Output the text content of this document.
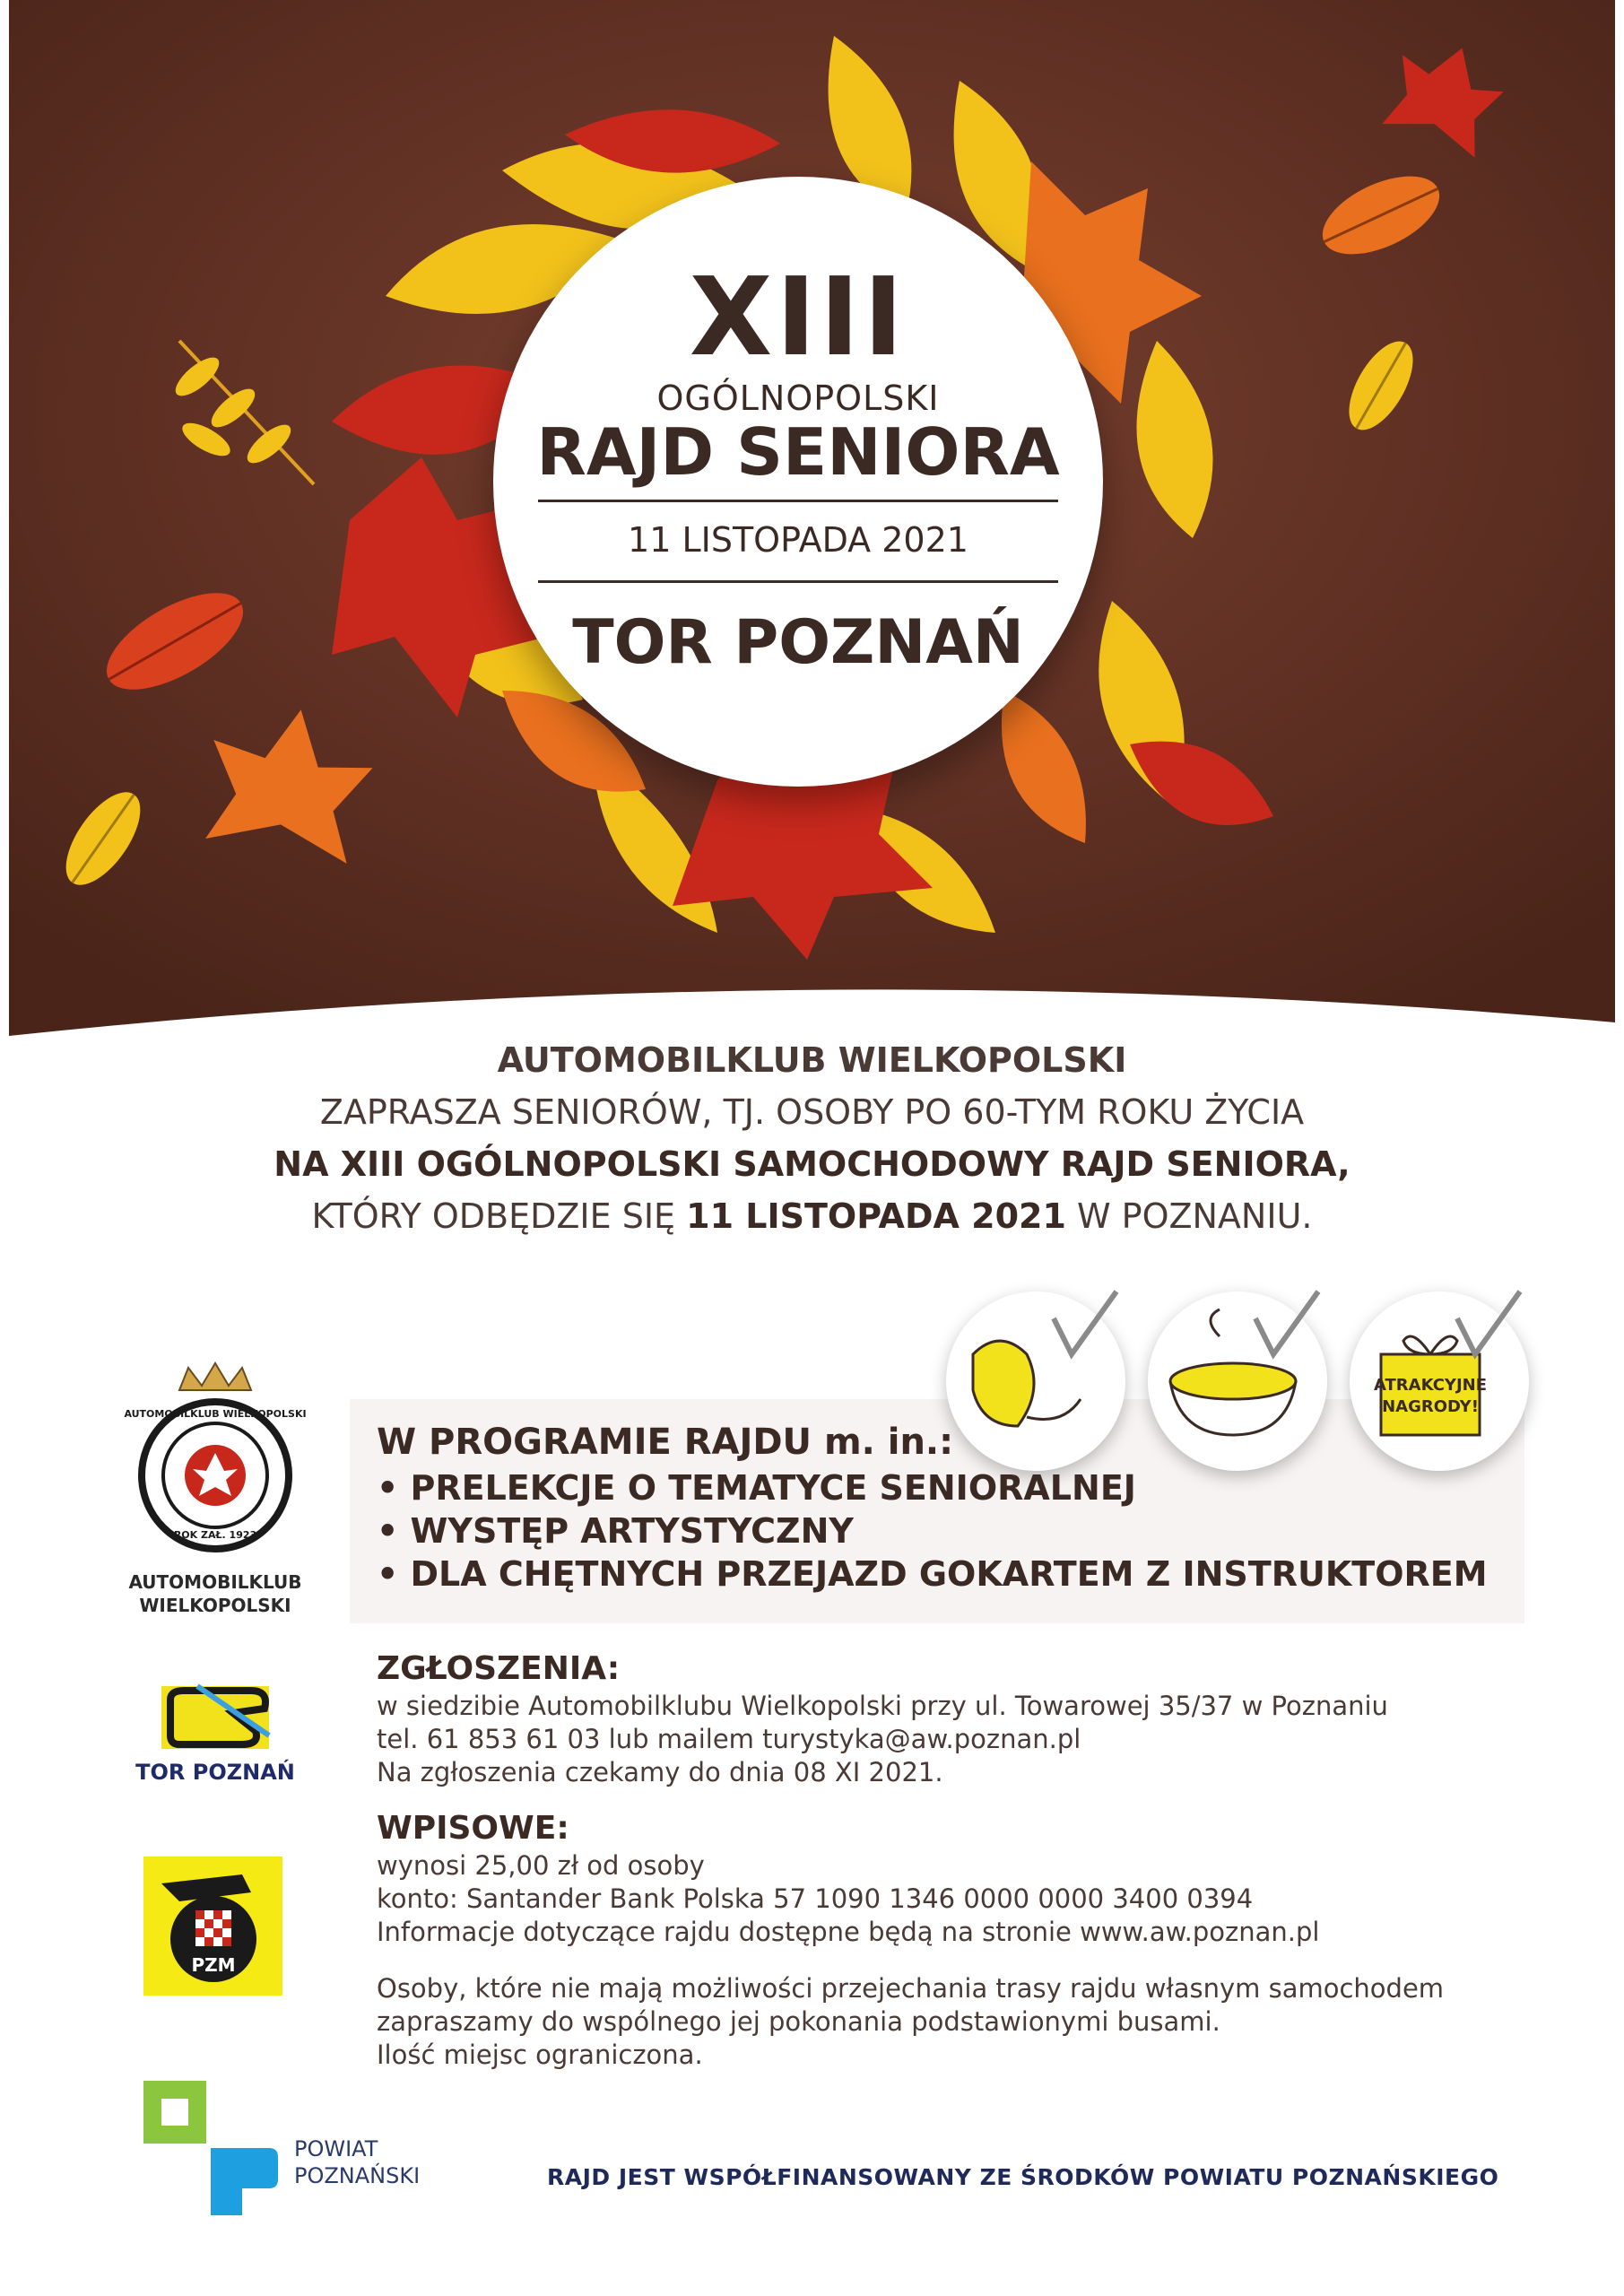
XIII
OGÓLNOPOLSKI
RAJD SENIORA
11 LISTOPADA 2021
TOR POZNAŃ
AUTOMOBILKLUB WIELKOPOLSKI
ZAPRASZA SENIORÓW, TJ. OSOBY PO 60-TYM ROKU ŻYCIA
NA XIII OGÓLNOPOLSKI SAMOCHODOWY RAJD SENIORA,
KTÓRY ODBĘDZIE SIĘ 11 LISTOPADA 2021 W POZNANIU.
ATRAKCYJNE
NAGRODY!
W PROGRAMIE RAJDU m. in.:
• PRELEKCJE O TEMATYCE SENIORALNEJ
• WYSTĘP ARTYSTYCZNY
• DLA CHĘTNYCH PRZEJAZD GOKARTEM Z INSTRUKTOREM
ROK ZAŁ. 1923
AUTOMOBILKLUB WIELKOPOLSKI
AUTOMOBILKLUB
WIELKOPOLSKI
ZGŁOSZENIA:
w siedzibie Automobilklubu Wielkopolski przy ul. Towarowej 35/37 w Poznaniu
tel. 61 853 61 03 lub mailem turystyka@aw.poznan.pl
Na zgłoszenia czekamy do dnia 08 XI 2021.
TOR POZNAŃ
WPISOWE:
wynosi 25,00 zł od osoby
konto: Santander Bank Polska 57 1090 1346 0000 0000 3400 0394
Informacje dotyczące rajdu dostępne będą na stronie www.aw.poznan.pl
PZM
Osoby, które nie mają możliwości przejechania trasy rajdu własnym samochodem
zapraszamy do wspólnego jej pokonania podstawionymi busami.
Ilość miejsc ograniczona.
POWIAT
POZNAŃSKI	RAJD JEST WSPÓŁFINANSOWANY ZE ŚRODKÓW POWIATU POZNAŃSKIEGO
